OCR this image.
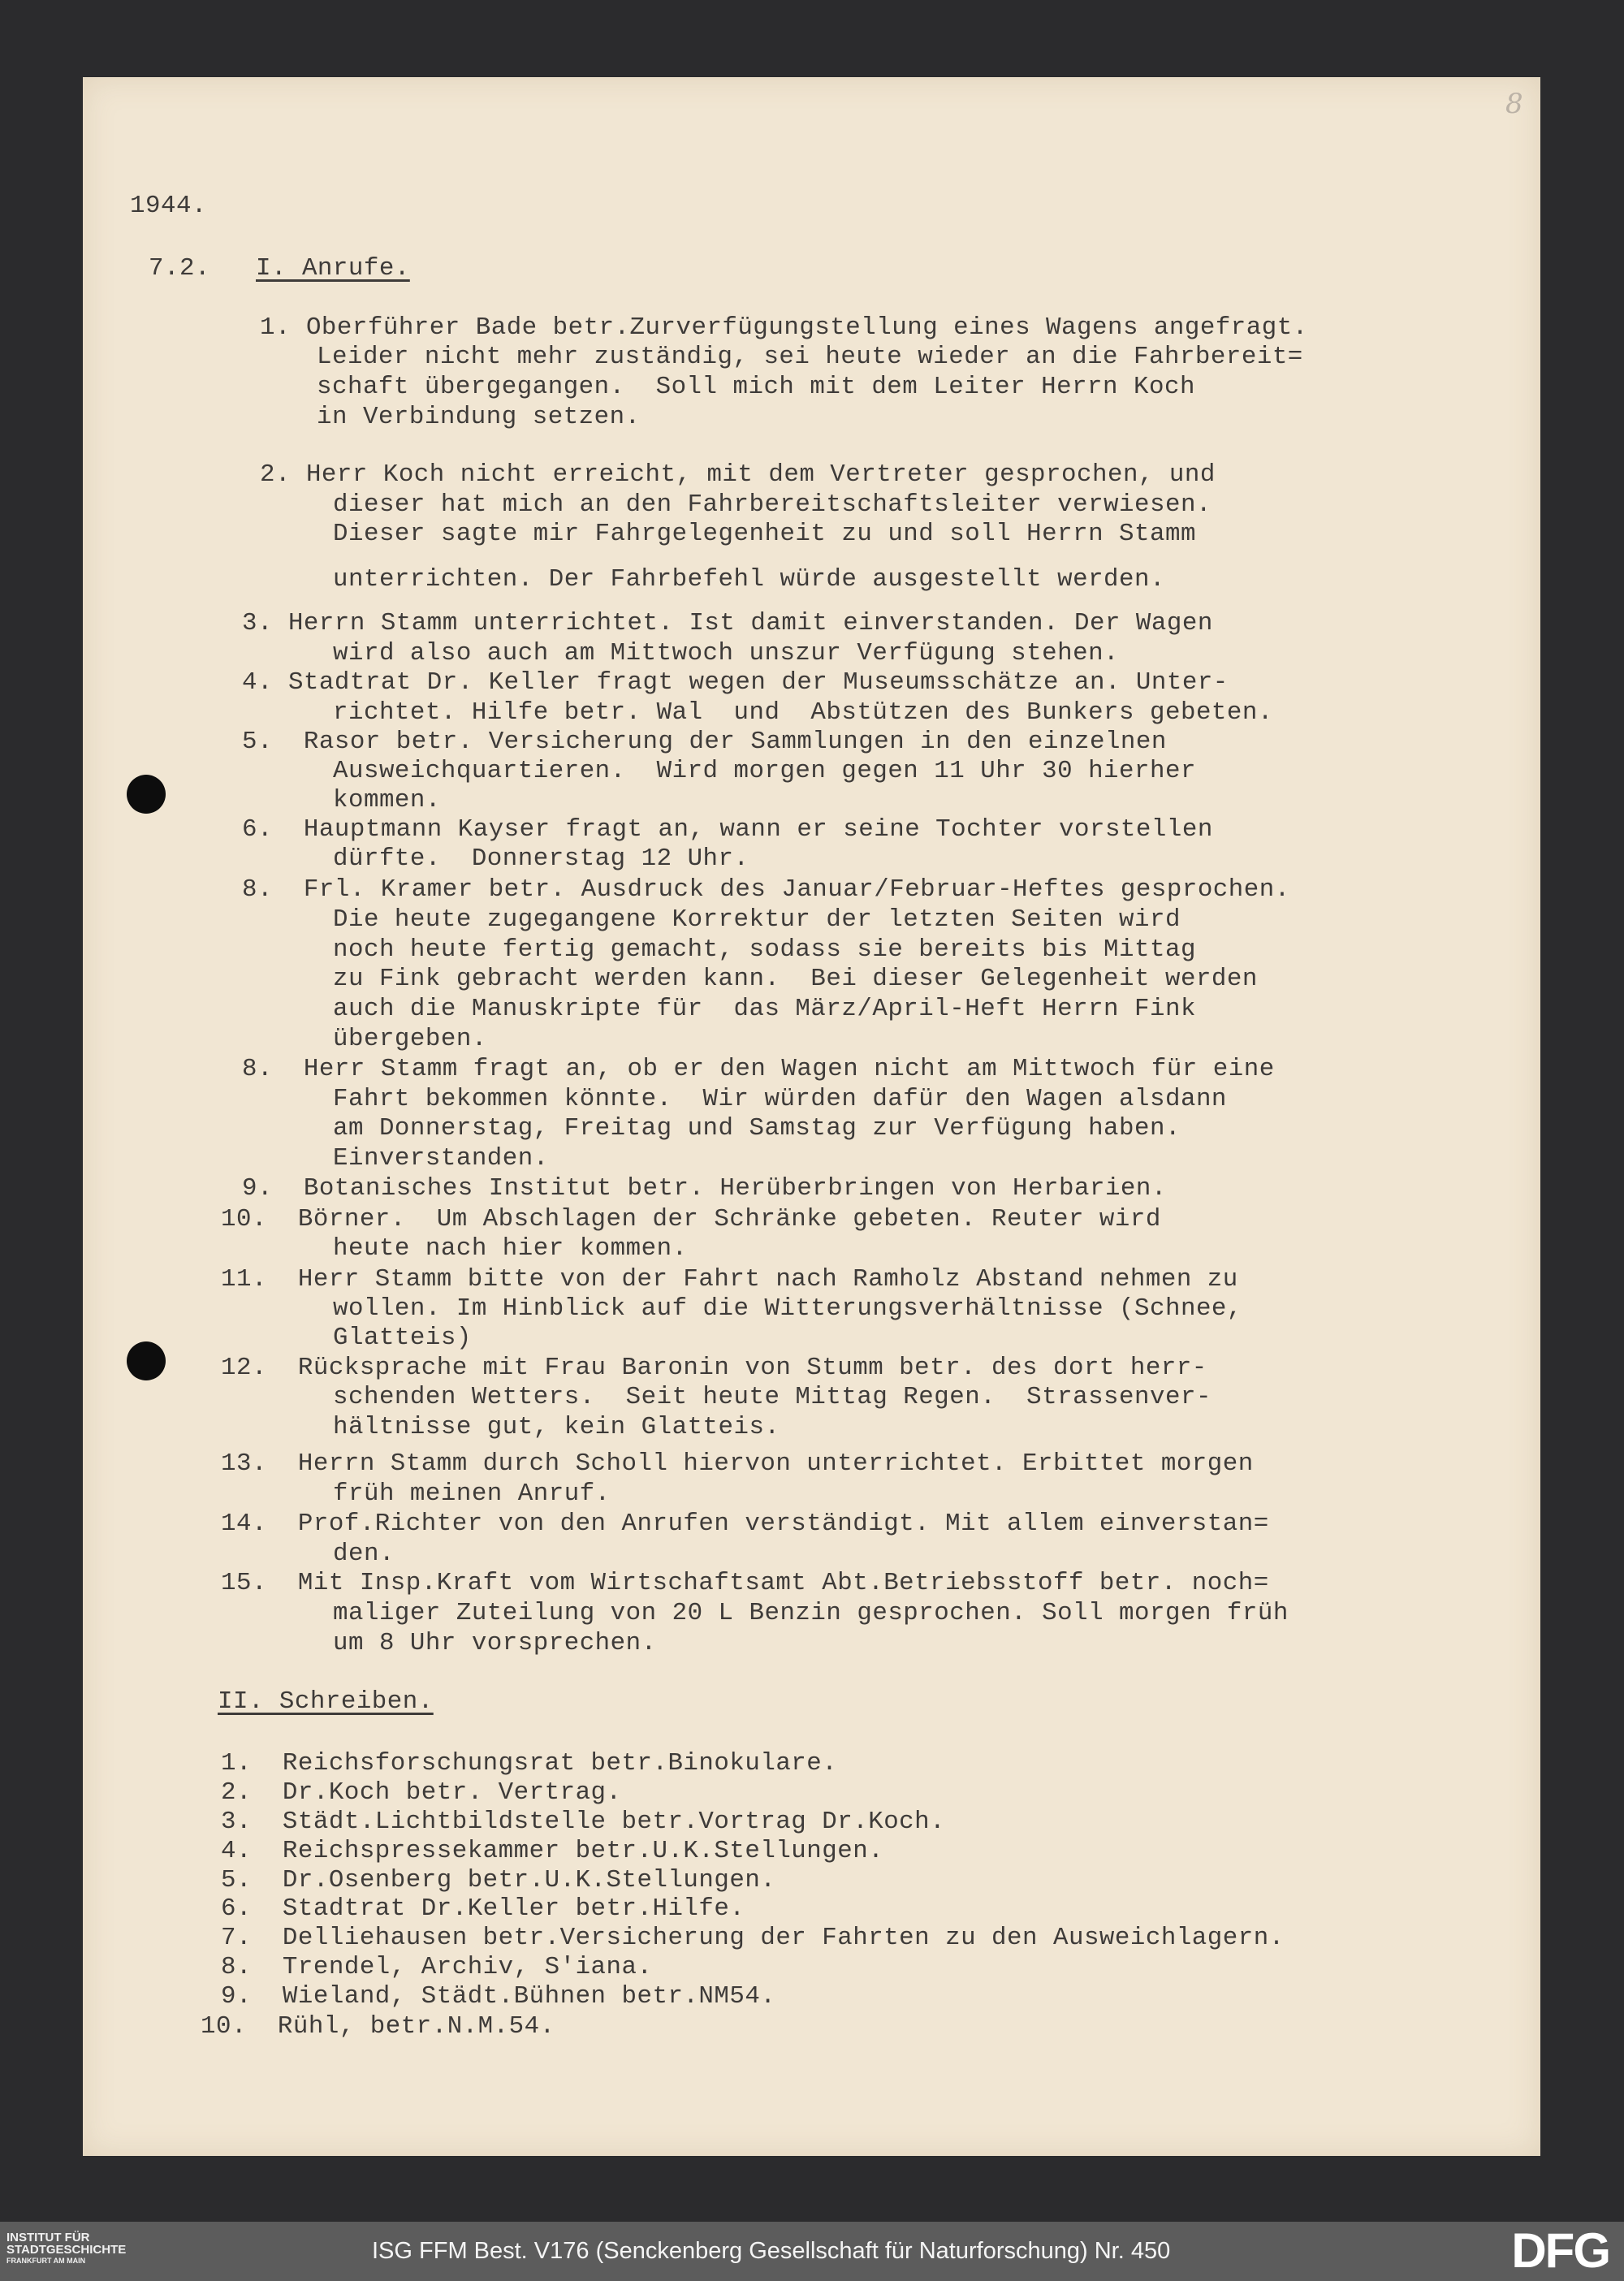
8

1944.

7.2. I. Anrufe.

1. Oberführer Bade betr.Zurverfügungstellung eines Wagens angefragt.

Leider nicht mehr zuständig, sei heute wieder an die Fahrbereit=

schaft übergegangen.  Soll mich mit dem Leiter Herrn Koch

in Verbindung setzen.

2. Herr Koch nicht erreicht, mit dem Vertreter gesprochen, und

dieser hat mich an den Fahrbereitschaftsleiter verwiesen.

Dieser sagte mir Fahrgelegenheit zu und soll Herrn Stamm

unterrichten. Der Fahrbefehl würde ausgestellt werden.

3. Herrn Stamm unterrichtet. Ist damit einverstanden. Der Wagen

wird also auch am Mittwoch unszur Verfügung stehen.

4. Stadtrat Dr. Keller fragt wegen der Museumsschätze an. Unter-

richtet. Hilfe betr. Wal  und  Abstützen des Bunkers gebeten.

5.  Rasor betr. Versicherung der Sammlungen in den einzelnen

Ausweichquartieren.  Wird morgen gegen 11 Uhr 30 hierher

kommen.

6.  Hauptmann Kayser fragt an, wann er seine Tochter vorstellen

dürfte.  Donnerstag 12 Uhr.

8.  Frl. Kramer betr. Ausdruck des Januar/Februar-Heftes gesprochen.

Die heute zugegangene Korrektur der letzten Seiten wird

noch heute fertig gemacht, sodass sie bereits bis Mittag

zu Fink gebracht werden kann.  Bei dieser Gelegenheit werden

auch die Manuskripte für  das März/April-Heft Herrn Fink

übergeben.

8.  Herr Stamm fragt an, ob er den Wagen nicht am Mittwoch für eine

Fahrt bekommen könnte.  Wir würden dafür den Wagen alsdann

am Donnerstag, Freitag und Samstag zur Verfügung haben.

Einverstanden.

9.  Botanisches Institut betr. Herüberbringen von Herbarien.

10.  Börner.  Um Abschlagen der Schränke gebeten. Reuter wird

heute nach hier kommen.

11.  Herr Stamm bitte von der Fahrt nach Ramholz Abstand nehmen zu

wollen. Im Hinblick auf die Witterungsverhältnisse (Schnee,

Glatteis)

12.  Rücksprache mit Frau Baronin von Stumm betr. des dort herr-

schenden Wetters.  Seit heute Mittag Regen.  Strassenver-

hältnisse gut, kein Glatteis.

13.  Herrn Stamm durch Scholl hiervon unterrichtet. Erbittet morgen

früh meinen Anruf.

14.  Prof.Richter von den Anrufen verständigt. Mit allem einverstan=

den.

15.  Mit Insp.Kraft vom Wirtschaftsamt Abt.Betriebsstoff betr. noch=

maliger Zuteilung von 20 L Benzin gesprochen. Soll morgen früh

um 8 Uhr vorsprechen.

II. Schreiben.

1.  Reichsforschungsrat betr.Binokulare.

2.  Dr.Koch betr. Vertrag.

3.  Städt.Lichtbildstelle betr.Vortrag Dr.Koch.

4.  Reichspressekammer betr.U.K.Stellungen.

5.  Dr.Osenberg betr.U.K.Stellungen.

6.  Stadtrat Dr.Keller betr.Hilfe.

7.  Delliehausen betr.Versicherung der Fahrten zu den Ausweichlagern.

8.  Trendel, Archiv, S'iana.

9.  Wieland, Städt.Bühnen betr.NM54.

10.  Rühl, betr.N.M.54.

INSTITUT FÜR
STADTGESCHICHTE
FRANKFURT AM MAIN	ISG FFM Best. V176 (Senckenberg Gesellschaft für Naturforschung) Nr. 450	DFG
